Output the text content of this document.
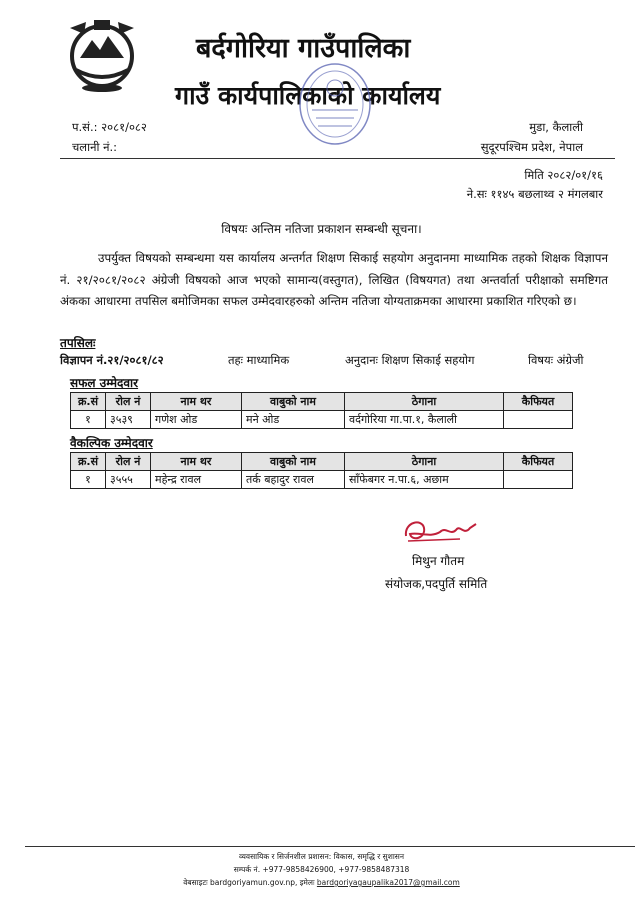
बर्दगोरिया गाउँपालिका
गाउँ कार्यपालिकाको कार्यालय
प.सं.: २०८१/०८२
चलानी नं.:
मुडा, कैलाली
सुदूरपश्चिम प्रदेश, नेपाल
मिति २०८२/०१/१६
ने.सः ११४५ बछलाथ्व २ मंगलबार
विषयः अन्तिम नतिजा प्रकाशन सम्बन्धी सूचना।
उपर्युक्त विषयको सम्बन्धमा यस कार्यालय अन्तर्गत शिक्षण सिकाई सहयोग अनुदानमा माध्यामिक तहको शिक्षक विज्ञापन नं. २१/२०८१/२०८२ अंग्रेजी विषयको आज भएको सामान्य(वस्तुगत), लिखित (विषयगत) तथा अन्तर्वार्ता परीक्षाको समष्टिगत अंकका आधारमा तपसिल बमोजिमका सफल उम्मेदवारहरुको अन्तिम नतिजा योग्यताक्रमका आधारमा प्रकाशित गरिएको छ।
तपसिलः
विज्ञापन नं.२१/२०८१/८२	तहः माध्यामिक	अनुदानः शिक्षण सिकाई सहयोग	विषयः अंग्रेजी
सफल उम्मेदवार
क्र.सं	रोल नं	नाम थर	वाबुको नाम	ठेगाना	कैफियत
१	३५३९	गणेश ओड	मने ओड	वर्दगोरिया गा.पा.१, कैलाली	
वैकल्पिक उम्मेदवार
क्र.सं	रोल नं	नाम थर	वाबुको नाम	ठेगाना	कैफियत
१	३५५५	महेन्द्र रावल	तर्क बहादुर रावल	साँफेबगर न.पा.६, अछाम	
मिथुन गौतम
संयोजक,पदपुर्ति समिति
व्यवसायिक र सिर्जनशील प्रशासन: विकास, समृद्धि र सुशासन
सम्पर्क नं. +977-9858426900, +977-9858487318
वेबसाइटः bardgoriyamun.gov.np, इमेलः bardgoriyagaupalika2017@gmail.com
